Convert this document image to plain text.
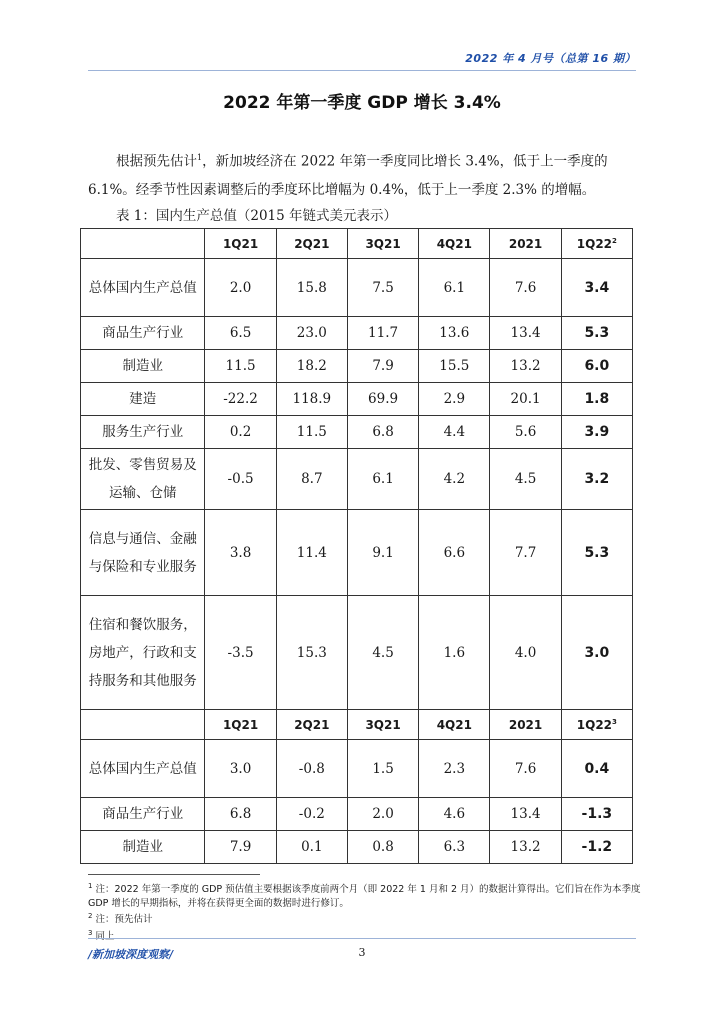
2022 年 4 月号（总第 16 期）
2022 年第一季度 GDP 增长 3.4%
根据预先估计$^1$，新加坡经济在 2022 年第一季度同比增长 3.4%，低于上一季度的 6.1%。经季节性因素调整后的季度环比增幅为 0.4%，低于上一季度 2.3% 的增幅。
表 1：国内生产总值（2015 年链式美元表示）
	1Q21	2Q21	3Q21	4Q21	2021	$1Q22^2$
总体国内生产总值	2.0	15.8	7.5	6.1	7.6	3.4
商品生产行业	6.5	23.0	11.7	13.6	13.4	5.3
制造业	11.5	18.2	7.9	15.5	13.2	6.0
建造	-22.2	118.9	69.9	2.9	20.1	1.8
服务生产行业	0.2	11.5	6.8	4.4	5.6	3.9
批发、零售贸易及运输、仓储	-0.5	8.7	6.1	4.2	4.5	3.2
信息与通信、金融与保险和专业服务	3.8	11.4	9.1	6.6	7.7	5.3
住宿和餐饮服务，房地产，行政和支持服务和其他服务	-3.5	15.3	4.5	1.6	4.0	3.0
	1Q21	2Q21	3Q21	4Q21	2021	$1Q22^3$
总体国内生产总值	3.0	-0.8	1.5	2.3	7.6	0.4
商品生产行业	6.8	-0.2	2.0	4.6	13.4	-1.3
制造业	7.9	0.1	0.8	6.3	13.2	-1.2
$^1$ 注：2022 年第一季度的 GDP 预估值主要根据该季度前两个月（即 2022 年 1 月和 2 月）的数据计算得出。它们旨在作为本季度 GDP 增长的早期指标，并将在获得更全面的数据时进行修订。
$^2$ 注：预先估计
$^3$ 同上
/新加坡深度观察/	3
